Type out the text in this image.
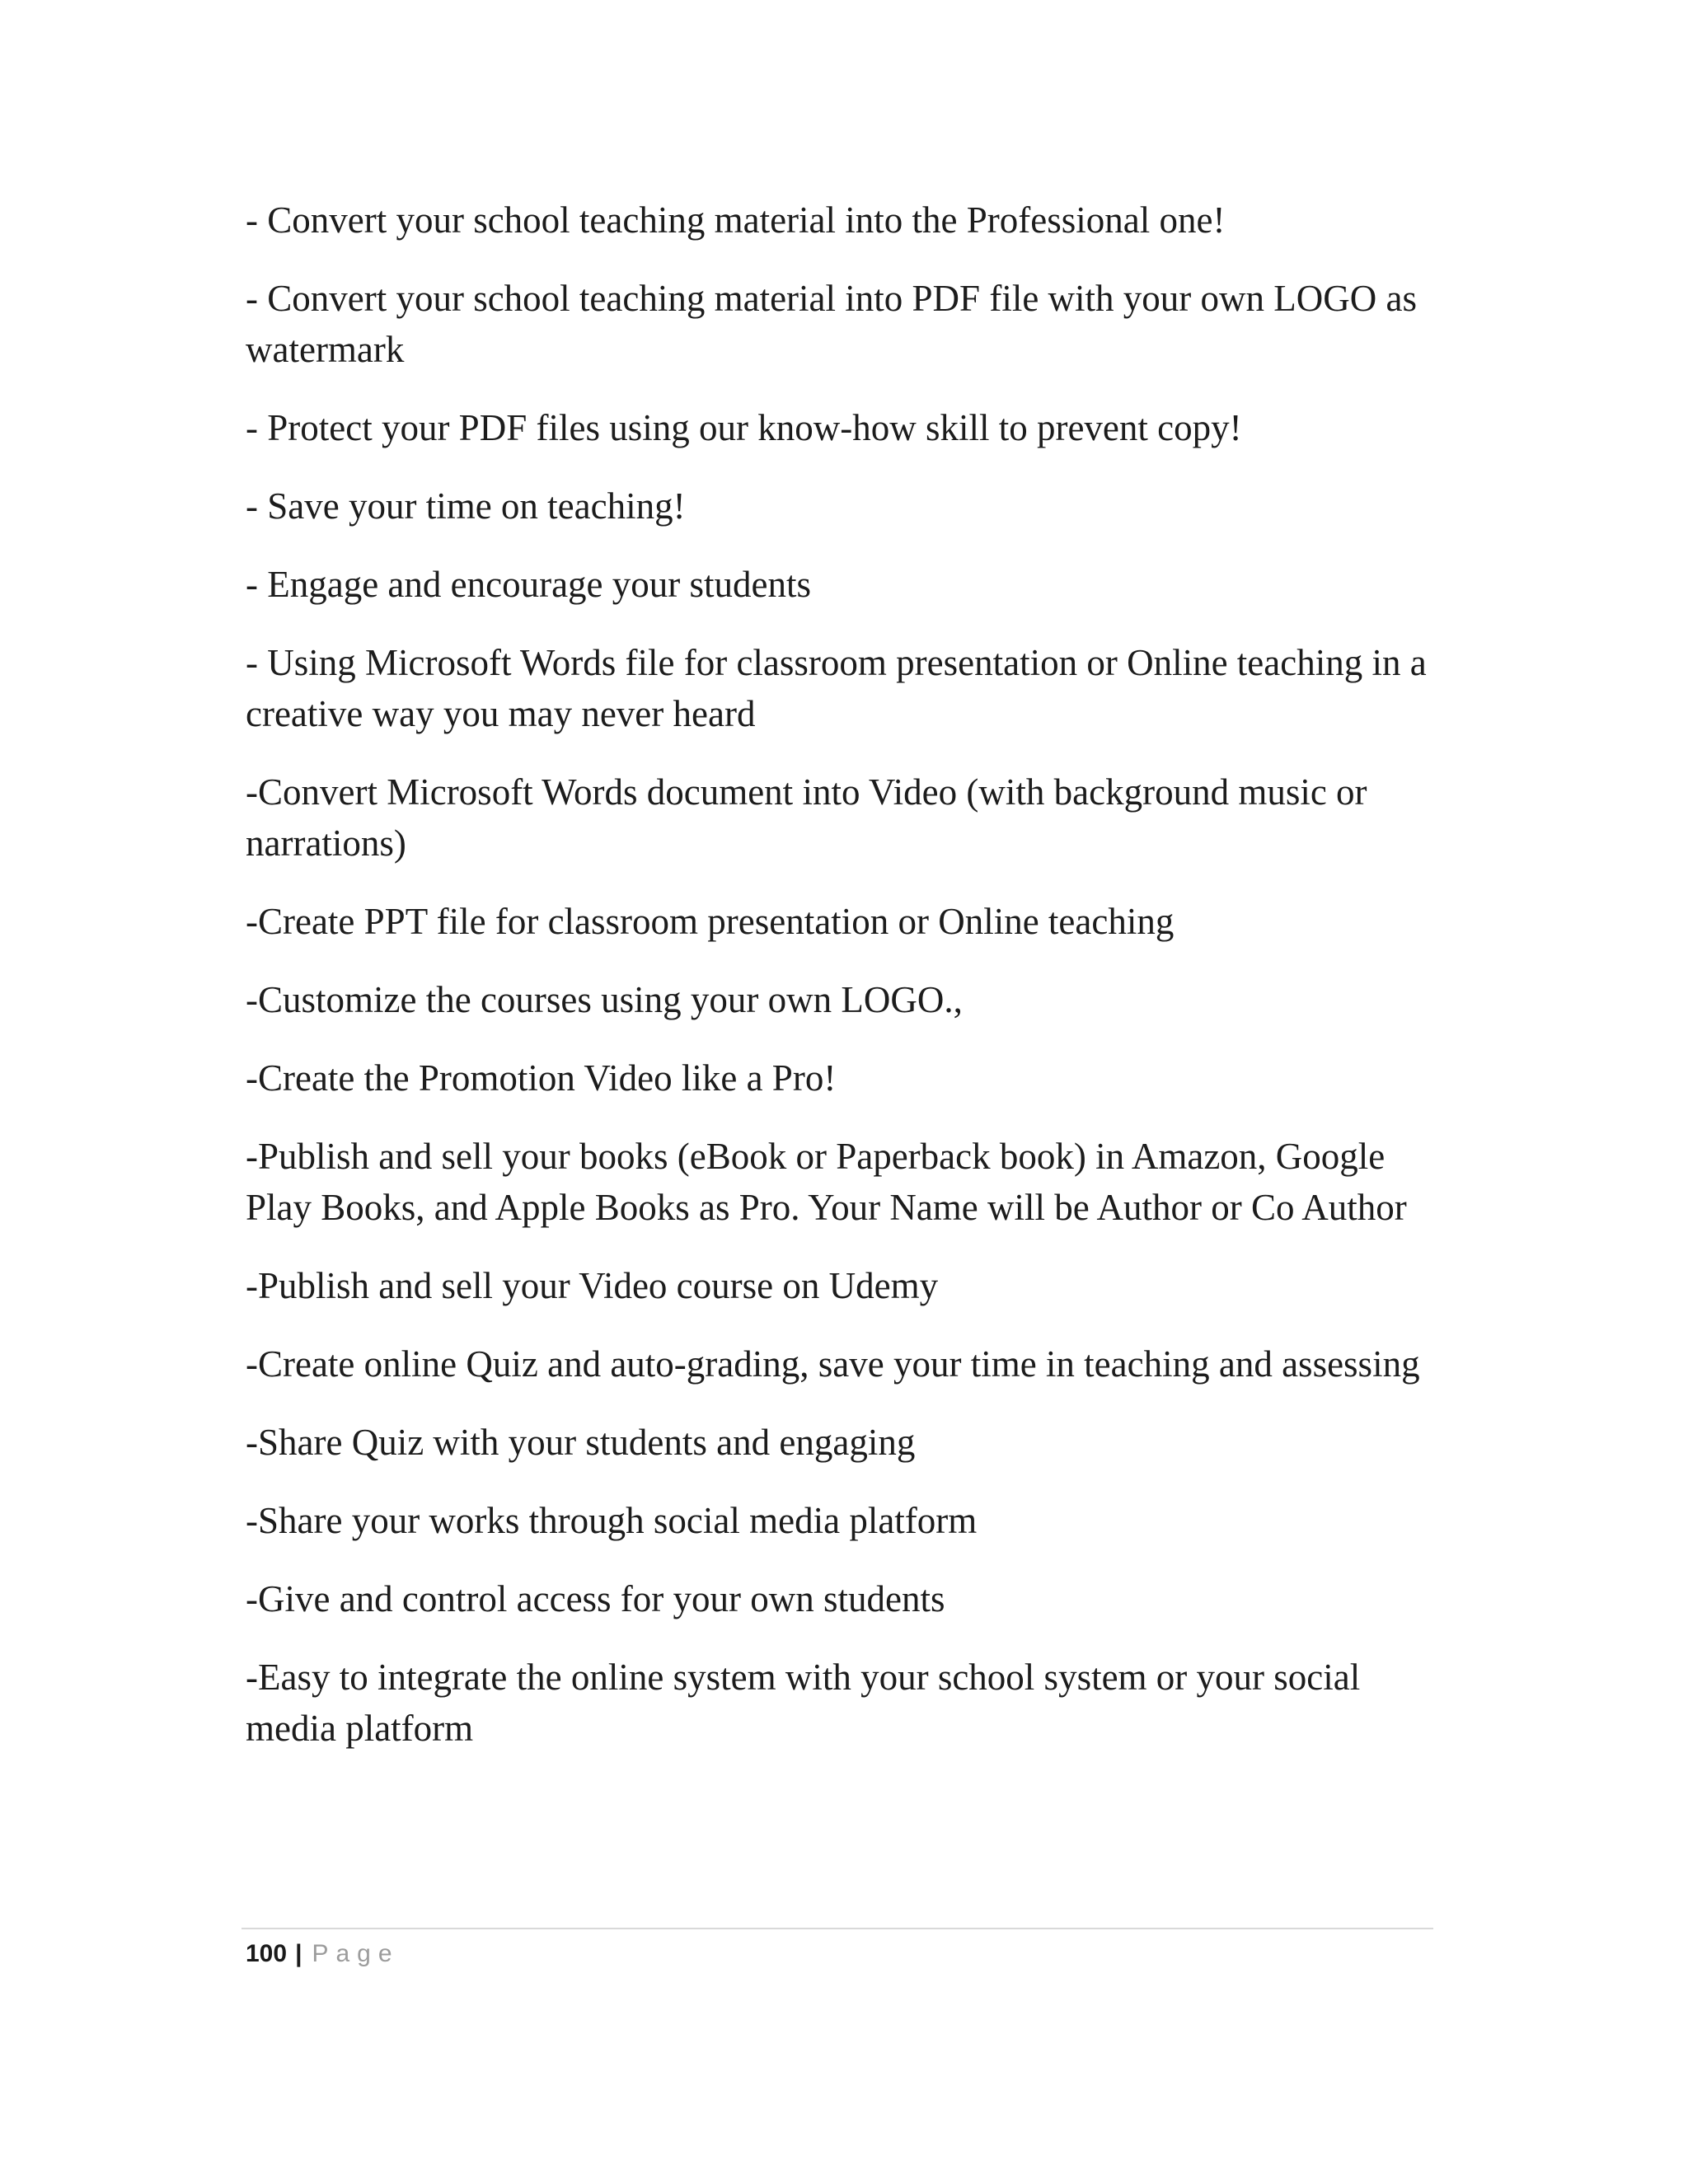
- Convert your school teaching material into the Professional one!

- Convert your school teaching material into PDF file with your own LOGO as watermark

- Protect your PDF files using our know-how skill to prevent copy!

- Save your time on teaching!

- Engage and encourage your students

- Using Microsoft Words file for classroom presentation or Online teaching in a creative way you may never heard

-Convert Microsoft Words document into Video (with background music or narrations)

-Create PPT file for classroom presentation or Online teaching

-Customize the courses using your own LOGO.,

-Create the Promotion Video like a Pro!

-Publish and sell your books (eBook or Paperback book) in Amazon, Google Play Books, and Apple Books as Pro. Your Name will be Author or Co Author

-Publish and sell your Video course on Udemy

-Create online Quiz and auto-grading, save your time in teaching and assessing

-Share Quiz with your students and engaging

-Share your works through social media platform

-Give and control access for your own students

-Easy to integrate the online system with your school system or your social media platform

100 | Page
